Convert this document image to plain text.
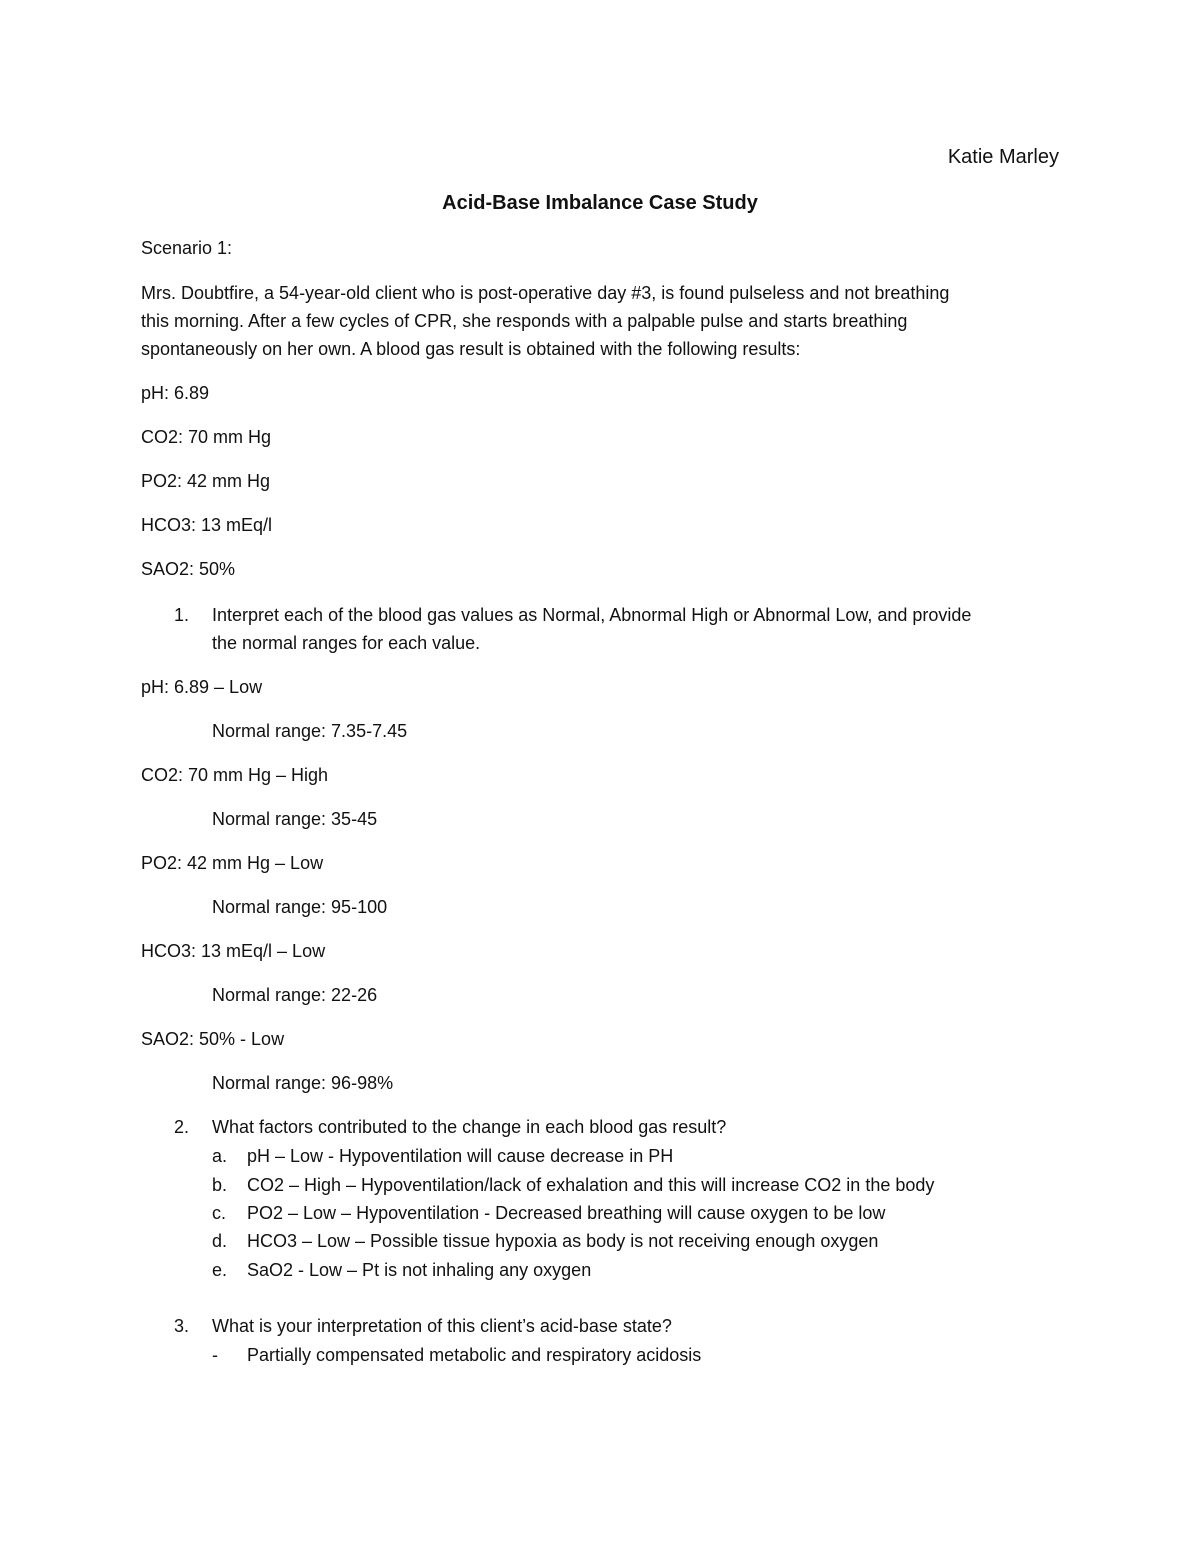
Katie Marley
Acid-Base Imbalance Case Study
Scenario 1:
Mrs. Doubtfire, a 54-year-old client who is post-operative day #3, is found pulseless and not breathing
this morning. After a few cycles of CPR, she responds with a palpable pulse and starts breathing
spontaneously on her own. A blood gas result is obtained with the following results:
pH: 6.89
CO2: 70 mm Hg
PO2: 42 mm Hg
HCO3: 13 mEq/l
SAO2: 50%
1. Interpret each of the blood gas values as Normal, Abnormal High or Abnormal Low, and provide
the normal ranges for each value.
pH: 6.89 – Low
Normal range: 7.35-7.45
CO2: 70 mm Hg – High
Normal range: 35-45
PO2: 42 mm Hg – Low
Normal range: 95-100
HCO3: 13 mEq/l – Low
Normal range: 22-26
SAO2: 50% - Low
Normal range: 96-98%
2. What factors contributed to the change in each blood gas result?
a. pH – Low - Hypoventilation will cause decrease in PH
b. CO2 – High – Hypoventilation/lack of exhalation and this will increase CO2 in the body
c. PO2 – Low – Hypoventilation - Decreased breathing will cause oxygen to be low
d. HCO3 – Low – Possible tissue hypoxia as body is not receiving enough oxygen
e. SaO2 - Low – Pt is not inhaling any oxygen
3. What is your interpretation of this client’s acid-base state?
- Partially compensated metabolic and respiratory acidosis
